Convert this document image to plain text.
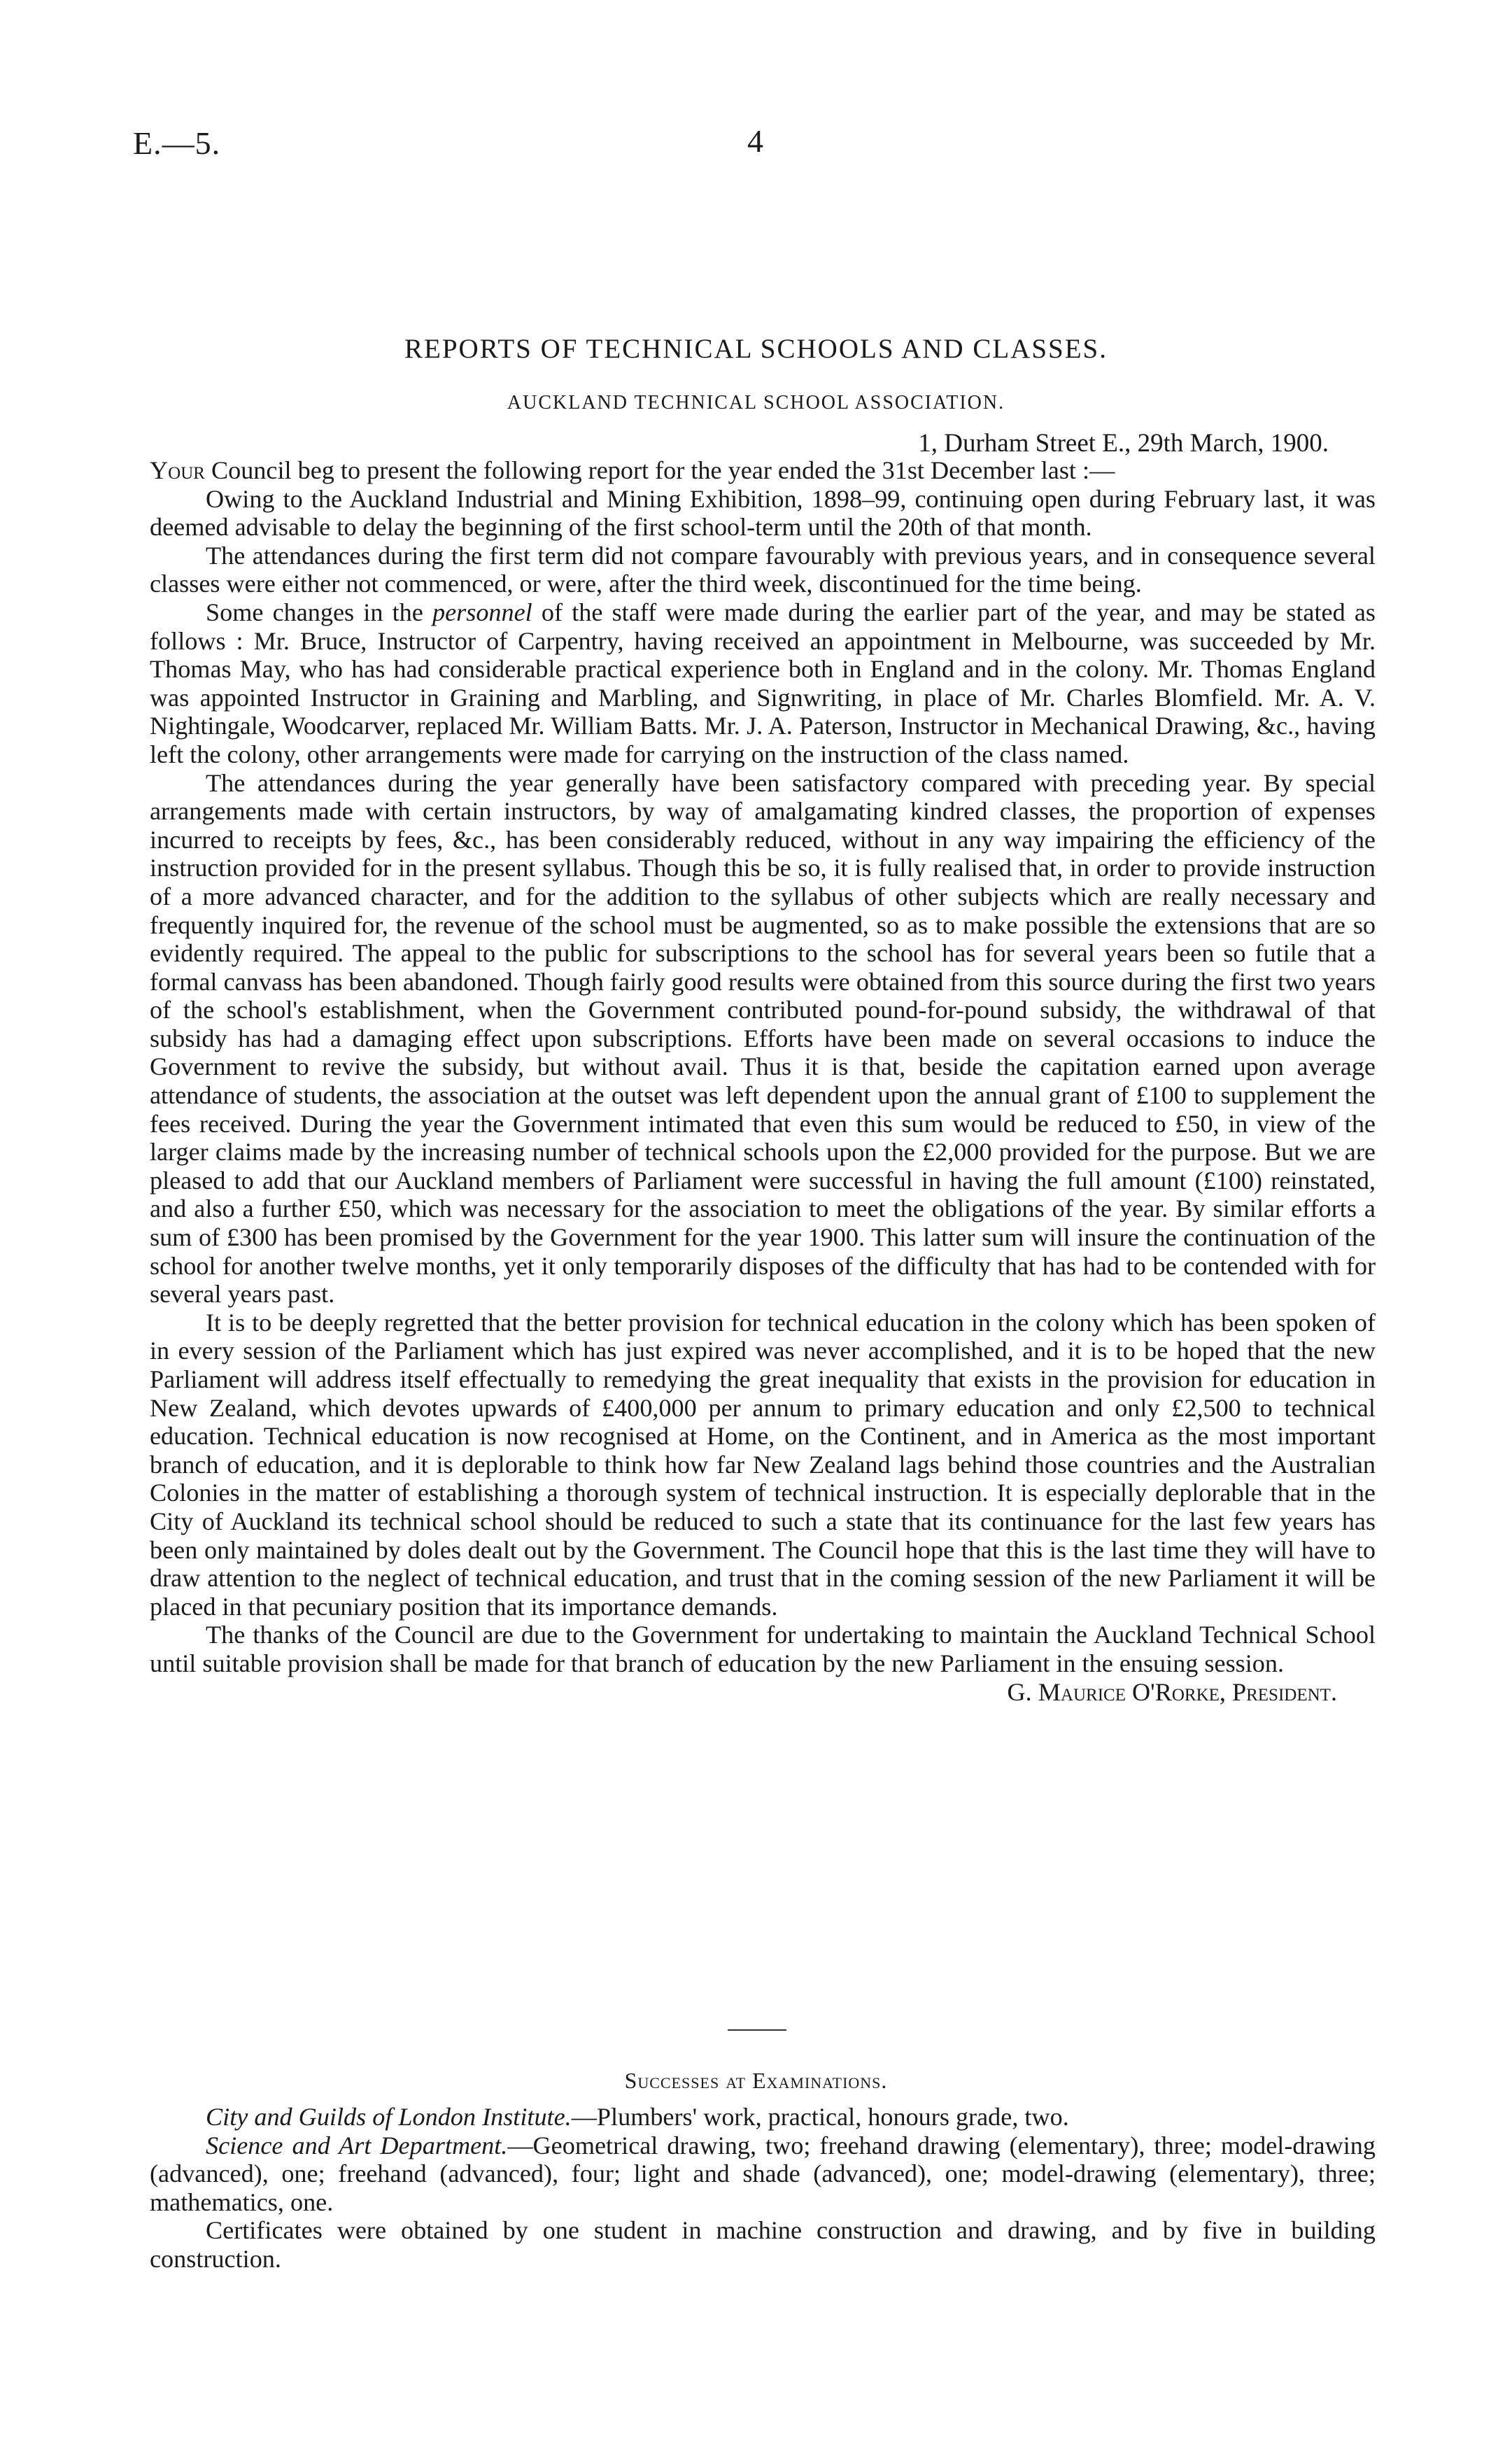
E.—5.	4
REPORTS OF TECHNICAL SCHOOLS AND CLASSES.
AUCKLAND TECHNICAL SCHOOL ASSOCIATION.
1, Durham Street E., 29th March, 1900.

Your Council beg to present the following report for the year ended the 31st December last :—

Owing to the Auckland Industrial and Mining Exhibition, 1898–99, continuing open during February last, it was deemed advisable to delay the beginning of the first school-term until the 20th of that month.

The attendances during the first term did not compare favourably with previous years, and in consequence several classes were either not commenced, or were, after the third week, discontinued for the time being.

Some changes in the personnel of the staff were made during the earlier part of the year, and may be stated as follows : Mr. Bruce, Instructor of Carpentry, having received an appointment in Melbourne, was succeeded by Mr. Thomas May, who has had considerable practical experience both in England and in the colony. Mr. Thomas England was appointed Instructor in Graining and Marbling, and Signwriting, in place of Mr. Charles Blomfield. Mr. A. V. Nightingale, Woodcarver, replaced Mr. William Batts. Mr. J. A. Paterson, Instructor in Mechanical Drawing, &c., having left the colony, other arrangements were made for carrying on the instruction of the class named.

The attendances during the year generally have been satisfactory compared with preceding year. By special arrangements made with certain instructors, by way of amalgamating kindred classes, the proportion of expenses incurred to receipts by fees, &c., has been considerably reduced, without in any way impairing the efficiency of the instruction provided for in the present syllabus. Though this be so, it is fully realised that, in order to provide instruction of a more advanced character, and for the addition to the syllabus of other subjects which are really necessary and frequently inquired for, the revenue of the school must be augmented, so as to make possible the extensions that are so evidently required. The appeal to the public for subscriptions to the school has for several years been so futile that a formal canvass has been abandoned. Though fairly good results were obtained from this source during the first two years of the school's establishment, when the Government contributed pound-for-pound subsidy, the withdrawal of that subsidy has had a damaging effect upon subscriptions. Efforts have been made on several occasions to induce the Government to revive the subsidy, but without avail. Thus it is that, beside the capitation earned upon average attendance of students, the association at the outset was left dependent upon the annual grant of £100 to supplement the fees received. During the year the Government intimated that even this sum would be reduced to £50, in view of the larger claims made by the increasing number of technical schools upon the £2,000 provided for the purpose. But we are pleased to add that our Auckland members of Parliament were successful in having the full amount (£100) reinstated, and also a further £50, which was necessary for the association to meet the obligations of the year. By similar efforts a sum of £300 has been promised by the Government for the year 1900. This latter sum will insure the continuation of the school for another twelve months, yet it only temporarily disposes of the difficulty that has had to be contended with for several years past.

It is to be deeply regretted that the better provision for technical education in the colony which has been spoken of in every session of the Parliament which has just expired was never accomplished, and it is to be hoped that the new Parliament will address itself effectually to remedying the great inequality that exists in the provision for education in New Zealand, which devotes upwards of £400,000 per annum to primary education and only £2,500 to technical education. Technical education is now recognised at Home, on the Continent, and in America as the most important branch of education, and it is deplorable to think how far New Zealand lags behind those countries and the Australian Colonies in the matter of establishing a thorough system of technical instruction. It is especially deplorable that in the City of Auckland its technical school should be reduced to such a state that its continuance for the last few years has been only maintained by doles dealt out by the Government. The Council hope that this is the last time they will have to draw attention to the neglect of technical education, and trust that in the coming session of the new Parliament it will be placed in that pecuniary position that its importance demands.

The thanks of the Council are due to the Government for undertaking to maintain the Auckland Technical School until suitable provision shall be made for that branch of education by the new Parliament in the ensuing session.

G. Maurice O'Rorke, President.
Successes at Examinations.

City and Guilds of London Institute.—Plumbers' work, practical, honours grade, two.

Science and Art Department.—Geometrical drawing, two; freehand drawing (elementary), three; model-drawing (advanced), one; freehand (advanced), four; light and shade (advanced), one; model-drawing (elementary), three; mathematics, one.

Certificates were obtained by one student in machine construction and drawing, and by five in building construction.
